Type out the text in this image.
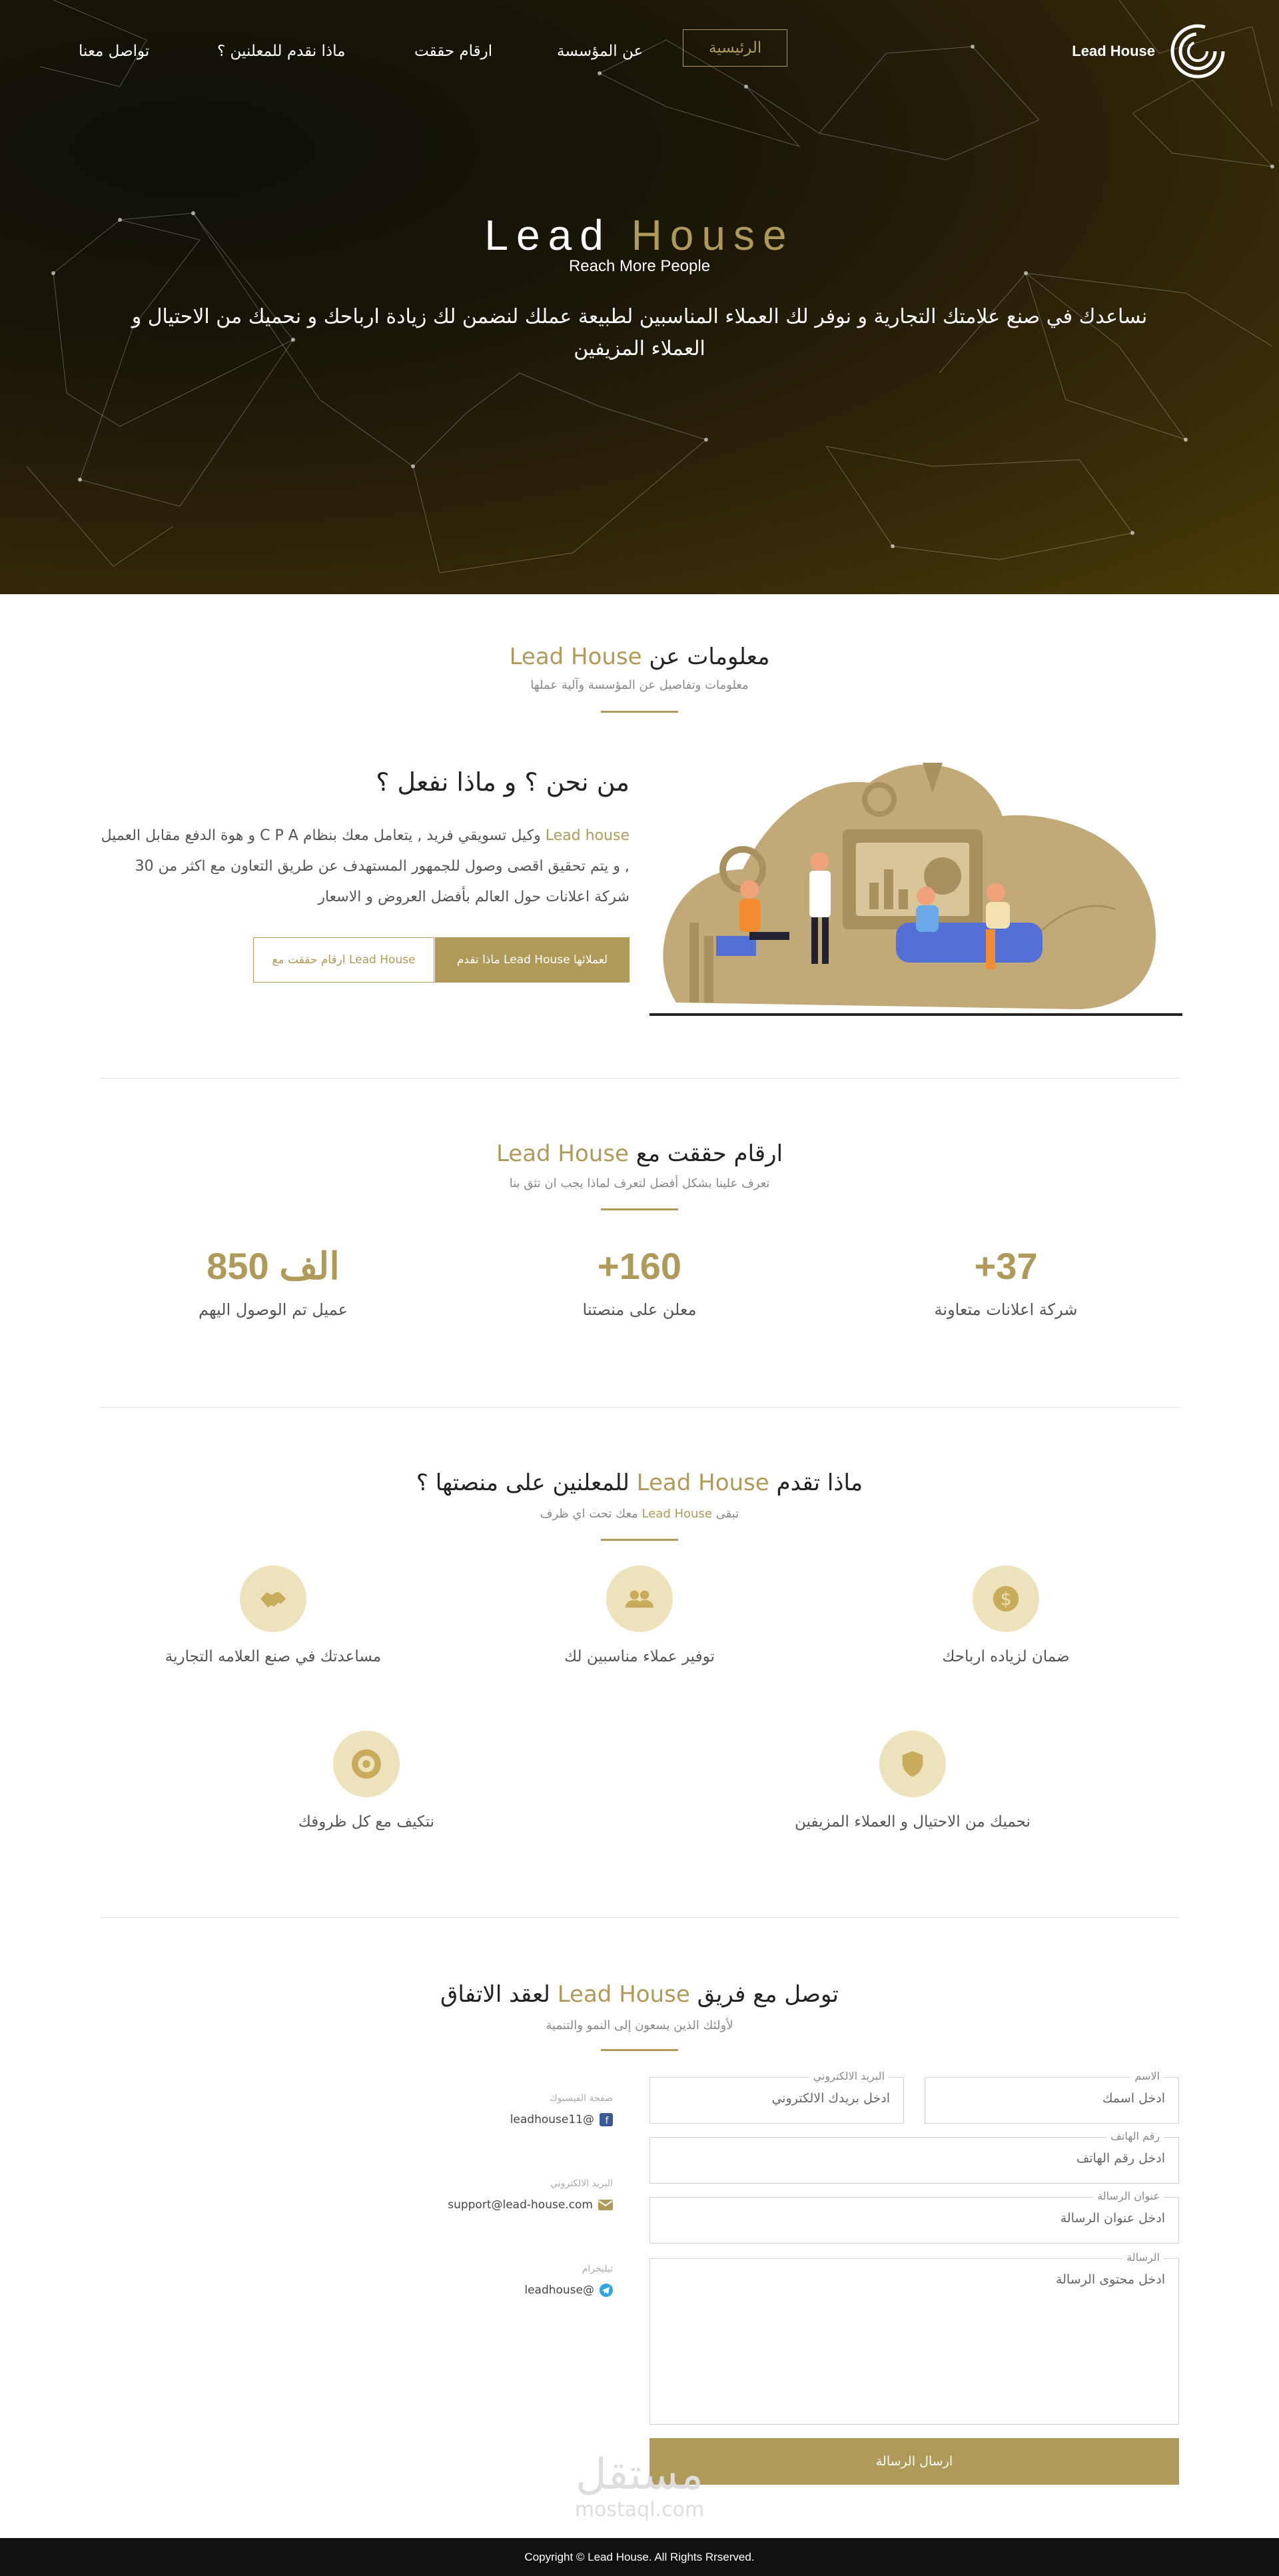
Lead House
الرئيسية
عن المؤسسة
ارقام حققت
ماذا نقدم للمعلنين ؟
تواصل معنا
Lead House
Reach More People
نساعدك في صنع علامتك التجارية و نوفر لك العملاء المناسبين لطبيعة عملك لنضمن لك زيادة ارباحك و نحميك من الاحتيال و العملاء المزيفين
معلومات عن Lead House
معلومات وتفاصيل عن المؤسسة وآلية عملها
من نحن ؟ و ماذا نفعل ؟
Lead house وكيل تسويقي فريد , يتعامل معك بنظام C P A و هوة الدفع مقابل العميل , و يتم تحقيق اقصى وصول للجمهور المستهدف عن طريق التعاون مع اكثر من 30 شركة اعلانات حول العالم بأفضل العروض و الاسعار
ماذا تقدم Lead House لعملائها
ارقام حققت مع Lead House
ارقام حققت مع Lead House
تعرف علينا بشكل أفضل لتعرف لماذا يجب ان تثق بنا
850 الف
عميل تم الوصول اليهم
+160
معلن على منصتنا
+37
شركة اعلانات متعاونة
ماذا تقدم Lead House للمعلنين على منصتها ؟
تبقى Lead House معك تحت اي ظرف
مساعدتك في صنع العلامه التجارية	توفير عملاء مناسبين لك
$
ضمان لزياده ارباحك
نتكيف مع كل ظروفك	نحميك من الاحتيال و العملاء المزيفين
توصل مع فريق Lead House لعقد الاتفاق
لأولئك الذين يسعون إلى النمو والتنمية
الاسم
ادخل اسمك
البريد الالكتروني
ادخل بريدك الالكتروني
رقم الهاتف
ادخل رقم الهاتف
عنوان الرسالة
ادخل عنوان الرسالة
الرسالة
ادخل محتوى الرسالة
ارسال الرسالة
صفحة الفيسبوك
leadhouse11@ f
البريد الالكتروني
support@lead-house.com
تيليجرام
leadhouse@
مستقل
mostaql.com
Copyright © Lead House. All Rights Rrserved.
